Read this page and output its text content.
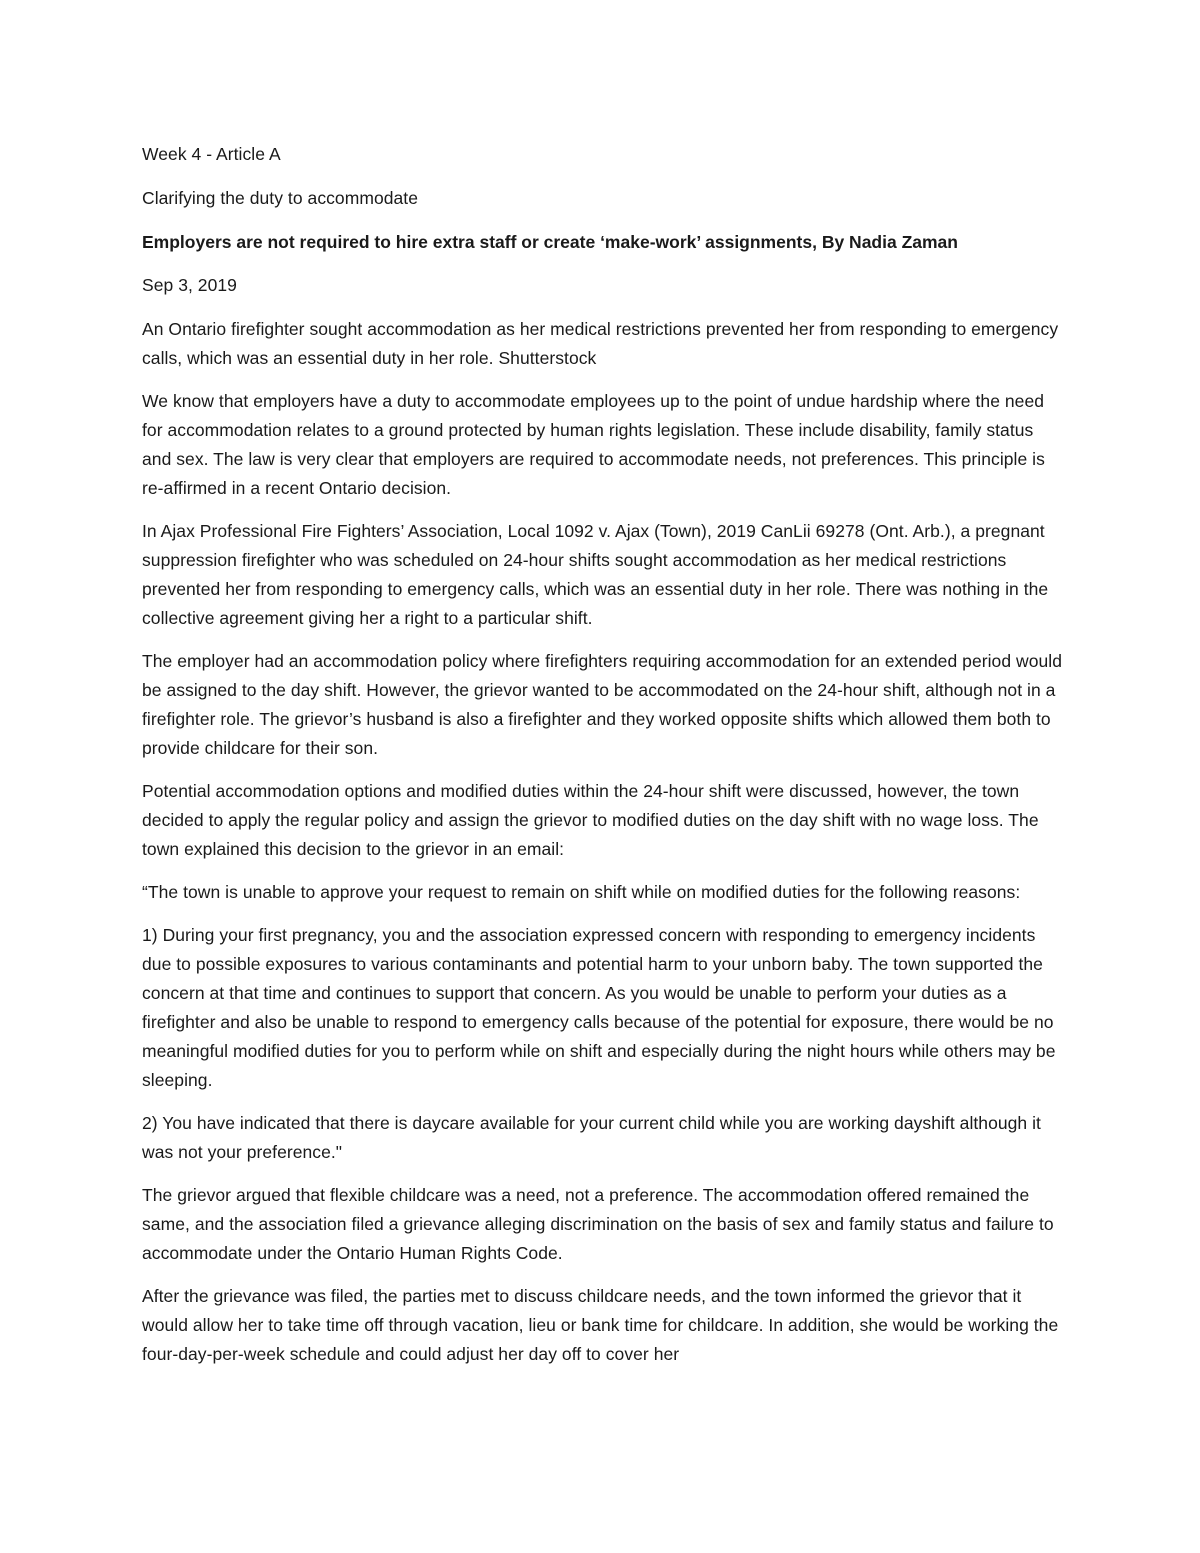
Week 4 - Article A

Clarifying the duty to accommodate

Employers are not required to hire extra staff or create ‘make-work’ assignments, By Nadia Zaman

Sep 3, 2019

An Ontario firefighter sought accommodation as her medical restrictions prevented her from responding to emergency calls, which was an essential duty in her role. Shutterstock

We know that employers have a duty to accommodate employees up to the point of undue hardship where the need for accommodation relates to a ground protected by human rights legislation. These include disability, family status and sex. The law is very clear that employers are required to accommodate needs, not preferences. This principle is re-affirmed in a recent Ontario decision.

In Ajax Professional Fire Fighters’ Association, Local 1092 v. Ajax (Town), 2019 CanLii 69278 (Ont. Arb.), a pregnant suppression firefighter who was scheduled on 24-hour shifts sought accommodation as her medical restrictions prevented her from responding to emergency calls, which was an essential duty in her role. There was nothing in the collective agreement giving her a right to a particular shift.

The employer had an accommodation policy where firefighters requiring accommodation for an extended period would be assigned to the day shift. However, the grievor wanted to be accommodated on the 24-hour shift, although not in a firefighter role. The grievor’s husband is also a firefighter and they worked opposite shifts which allowed them both to provide childcare for their son.

Potential accommodation options and modified duties within the 24-hour shift were discussed, however, the town decided to apply the regular policy and assign the grievor to modified duties on the day shift with no wage loss. The town explained this decision to the grievor in an email:

“The town is unable to approve your request to remain on shift while on modified duties for the following reasons:

1) During your first pregnancy, you and the association expressed concern with responding to emergency incidents due to possible exposures to various contaminants and potential harm to your unborn baby. The town supported the concern at that time and continues to support that concern. As you would be unable to perform your duties as a firefighter and also be unable to respond to emergency calls because of the potential for exposure, there would be no meaningful modified duties for you to perform while on shift and especially during the night hours while others may be sleeping.

2) You have indicated that there is daycare available for your current child while you are working dayshift although it was not your preference."

The grievor argued that flexible childcare was a need, not a preference. The accommodation offered remained the same, and the association filed a grievance alleging discrimination on the basis of sex and family status and failure to accommodate under the Ontario Human Rights Code.

After the grievance was filed, the parties met to discuss childcare needs, and the town informed the grievor that it would allow her to take time off through vacation, lieu or bank time for childcare. In addition, she would be working the four-day-per-week schedule and could adjust her day off to cover her
